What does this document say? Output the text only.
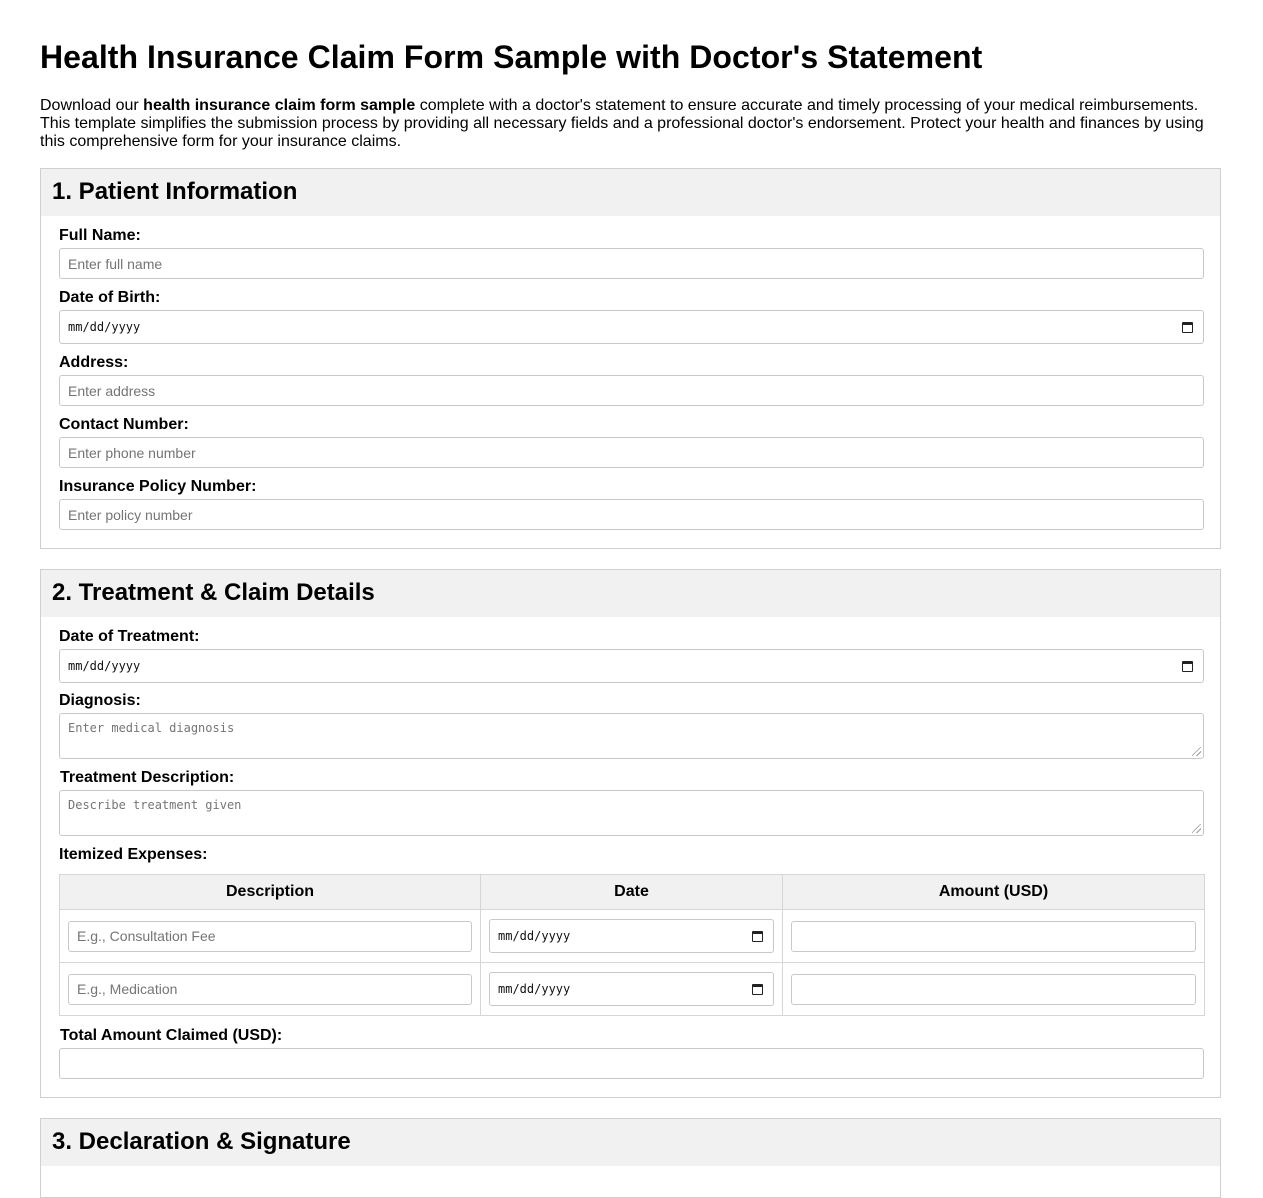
Health Insurance Claim Form Sample with Doctor's Statement

Download our health insurance claim form sample complete with a doctor's statement to ensure accurate and timely processing of your medical reimbursements. This template simplifies the submission process by providing all necessary fields and a professional doctor's endorsement. Protect your health and finances by using this comprehensive form for your insurance claims.

1. Patient Information
Full Name:
Enter full name
Date of Birth:
mm/dd/yyyy
Address:
Enter address
Contact Number:
Enter phone number
Insurance Policy Number:
Enter policy number
2. Treatment & Claim Details
Date of Treatment:
mm/dd/yyyy
Diagnosis:
Enter medical diagnosis
Treatment Description:
Describe treatment given
Itemized Expenses:
Description	Date	Amount (USD)

E.g., Consultation Fee	mm/dd/yyyy	

E.g., Medication	mm/dd/yyyy	

Total Amount Claimed (USD):
3. Declaration & Signature
